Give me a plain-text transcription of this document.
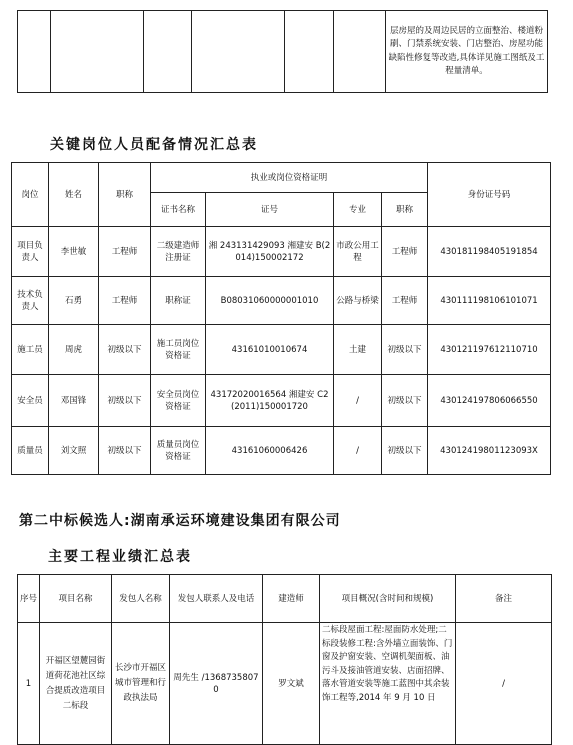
						层房屋的及周边民居的立面整治、楼道粉刷、门禁系统安装、门店整治、房屋功能缺陷性修复等改造,具体详见施工图纸及工程量清单。
关键岗位人员配备情况汇总表
岗位	姓名	职称	执业或岗位资格证明				身份证号码
			证书名称	证号	专业	职称	
项目负责人	李世敏	工程师	二级建造师注册证	湘 243131429093 湘建安 B(2014)150002172	市政公用工程	工程师	430181198405191854
技术负责人	石勇	工程师	职称证	B08031060000001010	公路与桥梁	工程师	430111198106101071
施工员	周虎	初级以下	施工员岗位资格证	43161010010674	土建	初级以下	430121197612110710
安全员	邓国锋	初级以下	安全员岗位资格证	43172020016564 湘建安 C2(2011)150001720	/	初级以下	430124197806066550
质量员	刘文照	初级以下	质量员岗位资格证	43161060006426	/	初级以下	43012419801123093X
第二中标候选人:湖南承运环境建设集团有限公司
主要工程业绩汇总表
序号	项目名称	发包人名称	发包人联系人及电话	建造师	项目概况(含时间和规模)	备注
1	开福区望麓园街道荷花池社区综合提质改造项目二标段	长沙市开福区城市管理和行政执法局	周先生 /13687358070	罗文斌	二标段屋面工程:屋面防水处理;二标段装修工程:含外墙立面装饰、门窗及护窗安装、空调机架面板、油污斗及接油管道安装、店面招牌、落水管道安装等施工蓝图中其余装饰工程等,2014 年 9 月 10 日	/
